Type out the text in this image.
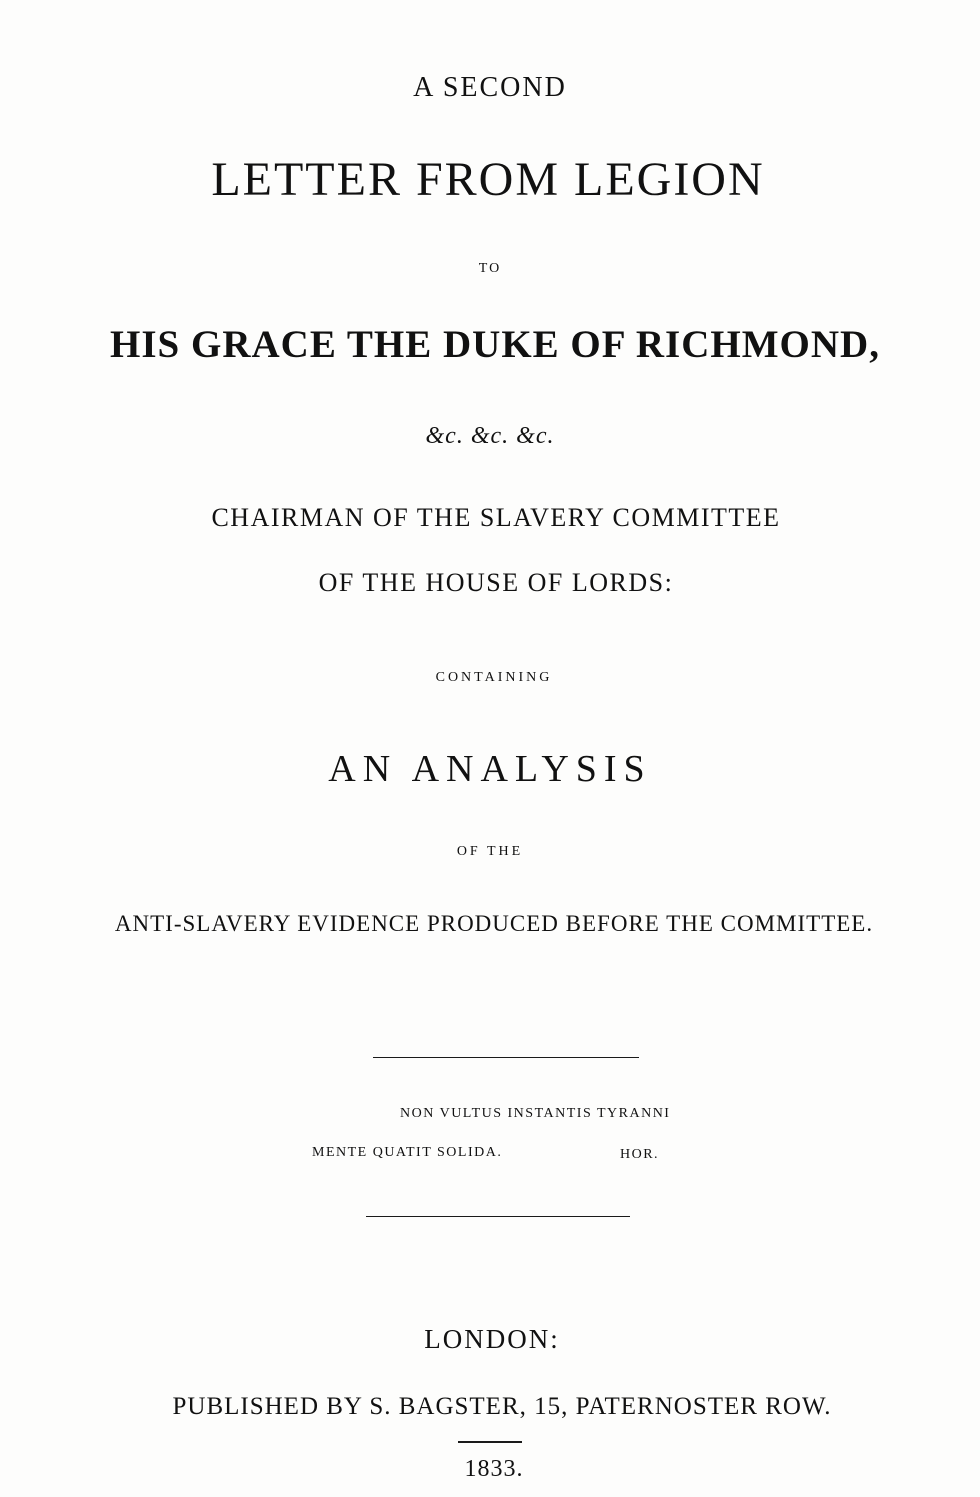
A SECOND
LETTER FROM LEGION
TO
HIS GRACE THE DUKE OF RICHMOND,
&c. &c. &c.
CHAIRMAN OF THE SLAVERY COMMITTEE
OF THE HOUSE OF LORDS:
CONTAINING
AN ANALYSIS
OF THE
ANTI-SLAVERY EVIDENCE PRODUCED BEFORE THE COMMITTEE.
NON VULTUS INSTANTIS TYRANNI
MENTE QUATIT SOLIDA.	HOR.
LONDON:
PUBLISHED BY S. BAGSTER, 15, PATERNOSTER ROW.
1833.
